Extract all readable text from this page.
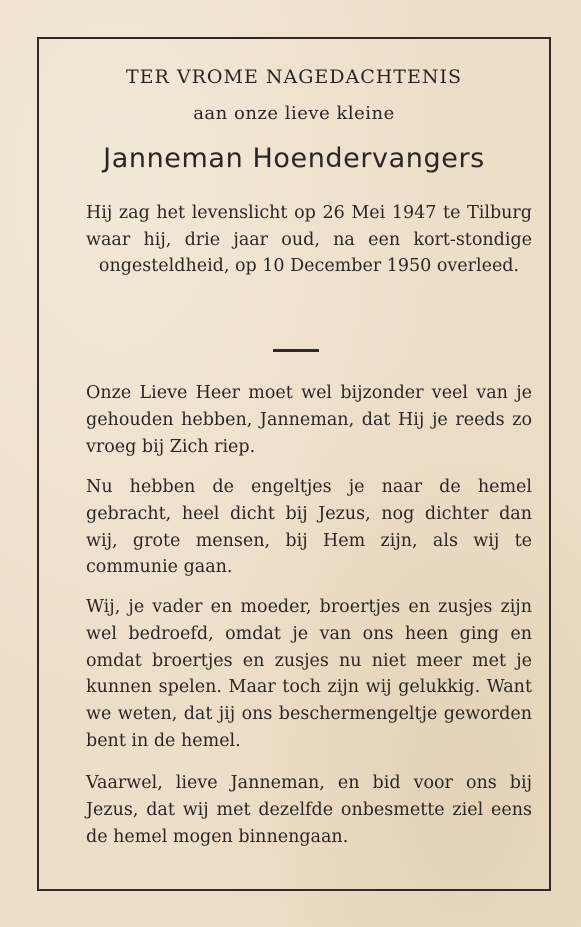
TER VROME NAGEDACHTENIS
aan onze lieve kleine
Janneman Hoendervangers
Hij zag het levenslicht op 26 Mei 1947 te Tilburg waar hij, drie jaar oud, na een kort-stondige ongesteldheid, op 10 December 1950 overleed.

Onze Lieve Heer moet wel bijzonder veel van je gehouden hebben, Janneman, dat Hij je reeds zo vroeg bij Zich riep.

Nu hebben de engeltjes je naar de hemel gebracht, heel dicht bij Jezus, nog dichter dan wij, grote mensen, bij Hem zijn, als wij te communie gaan.

Wij, je vader en moeder, broertjes en zusjes zijn wel bedroefd, omdat je van ons heen ging en omdat broertjes en zusjes nu niet meer met je kunnen spelen. Maar toch zijn wij gelukkig. Want we weten, dat jij ons beschermengeltje geworden bent in de hemel.

Vaarwel, lieve Janneman, en bid voor ons bij Jezus, dat wij met dezelfde onbesmette ziel eens de hemel mogen binnengaan.
